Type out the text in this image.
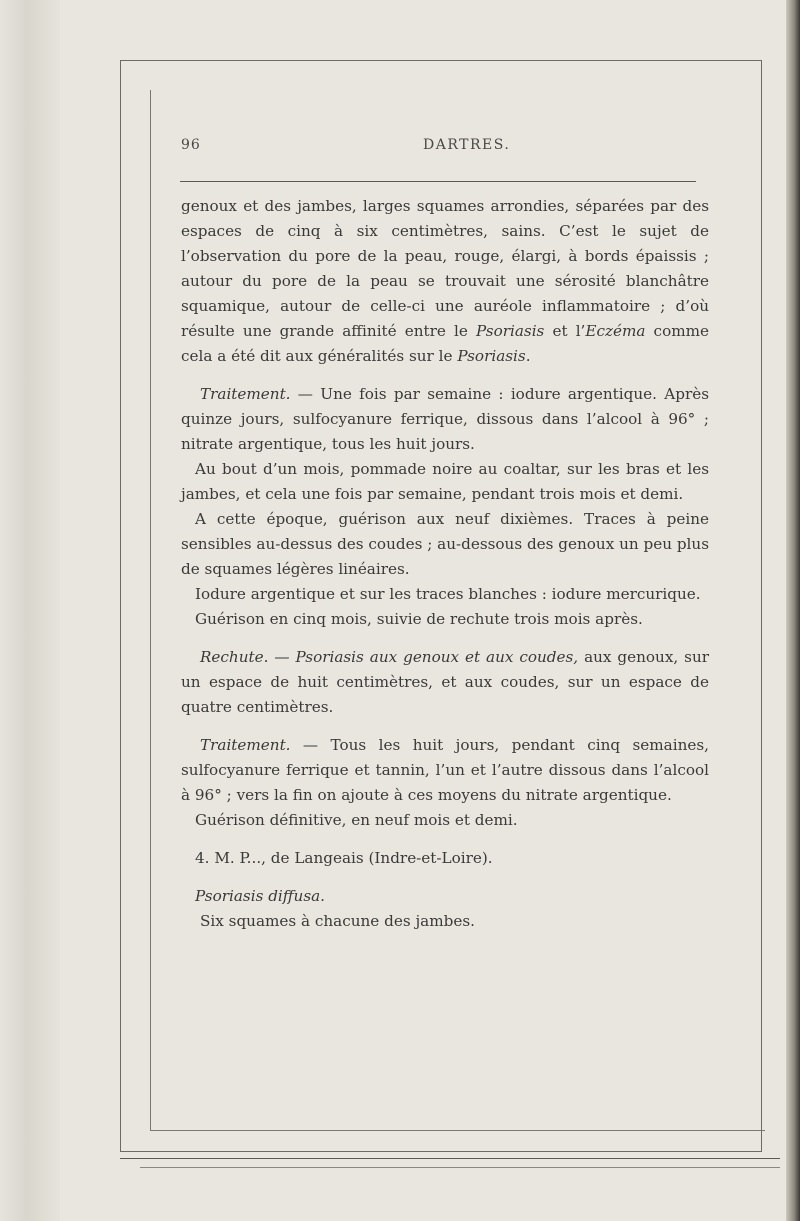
96	DARTRES.

genoux et des jambes, larges squames arrondies, séparées par des espaces de cinq à six centimètres, sains. C’est le sujet de l’observation du pore de la peau, rouge, élargi, à bords épaissis ; autour du pore de la peau se trouvait une sérosité blanchâtre squamique, autour de celle-ci une auréole inflammatoire ; d’où résulte une grande affinité entre le Psoriasis et l’Eczéma comme cela a été dit aux généralités sur le Psoriasis.

Traitement. — Une fois par semaine : iodure argentique. Après quinze jours, sulfocyanure ferrique, dissous dans l’alcool à 96° ; nitrate argentique, tous les huit jours.

Au bout d’un mois, pommade noire au coaltar, sur les bras et les jambes, et cela une fois par semaine, pendant trois mois et demi.

A cette époque, guérison aux neuf dixièmes. Traces à peine sensibles au-dessus des coudes ; au-dessous des genoux un peu plus de squames légères linéaires.

Iodure argentique et sur les traces blanches : iodure mercurique.

Guérison en cinq mois, suivie de rechute trois mois après.

Rechute. — Psoriasis aux genoux et aux coudes, aux genoux, sur un espace de huit centimètres, et aux coudes, sur un espace de quatre centimètres.

Traitement. — Tous les huit jours, pendant cinq semaines, sulfocyanure ferrique et tannin, l’un et l’autre dissous dans l’alcool à 96° ; vers la fin on ajoute à ces moyens du nitrate argentique.

Guérison définitive, en neuf mois et demi.

4. M. P..., de Langeais (Indre-et-Loire).

Psoriasis diffusa.

Six squames à chacune des jambes.
